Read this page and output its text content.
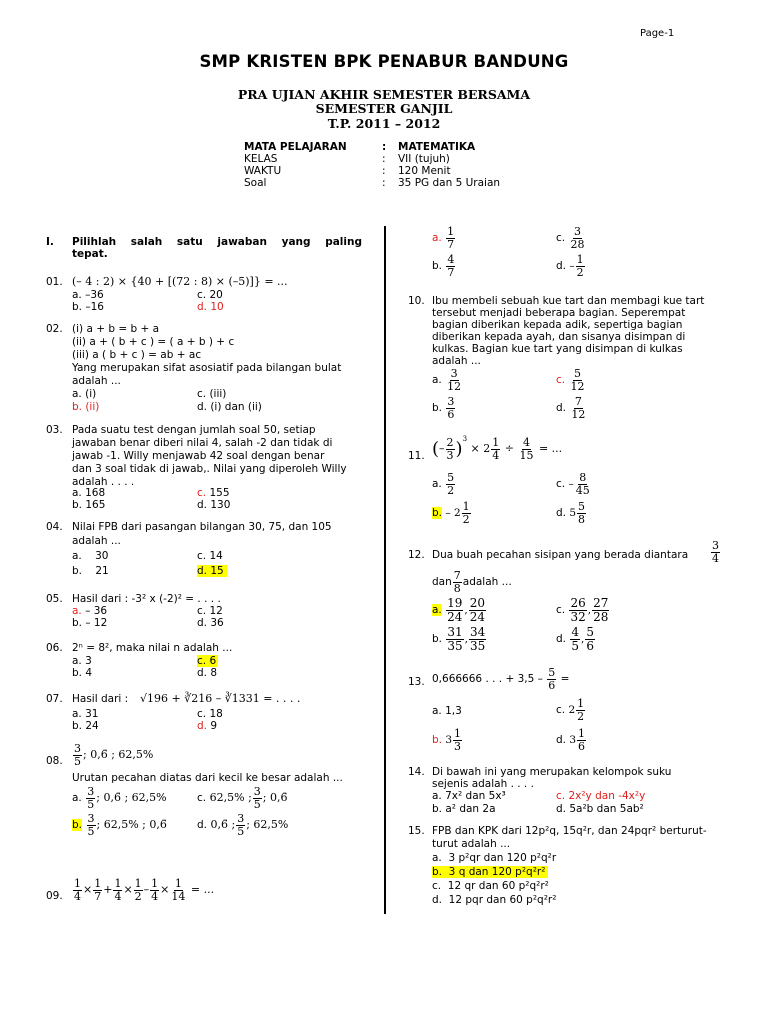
Page-1
SMP KRISTEN BPK PENABUR BANDUNG
PRA UJIAN AKHIR SEMESTER BERSAMA
SEMESTER GANJIL
T.P. 2011 – 2012
MATA PELAJARAN	: MATEMATIKA
KELAS	: VII (tujuh)
WAKTU	: 120 Menit
Soal	: 35 PG dan 5 Uraian
I. Pilihlah salah satu jawaban yang paling
tepat.
01. (– 4 : 2) × {40 + [(72 : 8) × (–5)]} = ...
a. –36	c. 20
b. –16	d. 10
02. (i) a + b = b + a
(ii) a + ( b + c ) = ( a + b ) + c
(iii) a ( b + c ) = ab + ac
Yang merupakan sifat asosiatif pada bilangan bulat
adalah ...
a. (i)	c. (iii)
b. (ii)	d. (i) dan (ii)
03. Pada suatu test dengan jumlah soal 50, setiap
jawaban benar diberi nilai 4, salah -2 dan tidak di
jawab -1. Willy menjawab 42 soal dengan benar
dan 3 soal tidak di jawab,. Nilai yang diperoleh Willy
adalah . . . .
a. 168	c. 155
b. 165	d. 130
04. Nilai FPB dari pasangan bilangan 30, 75, dan 105
adalah ...
a.    30	c. 14
b.    21	d. 15
05. Hasil dari : -3² x (-2)² = . . . .
a. – 36	c. 12
b. – 12	d. 36
06. 2ⁿ = 8², maka nilai n adalah ...
a. 3	c. 6
b. 4	d. 8
07. Hasil dari : √196 + ∛216 – ∛1331 = . . . .
a. 31	c. 18
b. 24	d. 9
08. $\frac{3}{5}$ ; 0,6̄ ; 62,5%
Urutan pecahan diatas dari kecil ke besar adalah ...
a. $\frac{3}{5}$ ; 0,6̄ ; 62,5%	c. 62,5% ; $\frac{3}{5}$ ; 0,6̄
b. $\frac{3}{5}$ ; 62,5% ; 0,6̄	d. 0,6̄ ; $\frac{3}{5}$ ; 62,5%
09. $\frac{1}{4} \times \frac{1}{7} + \frac{1}{4} \times \frac{1}{2} - \frac{1}{4} \times \frac{1}{14}$ = ...
a. $\frac{1}{7}$	c. $\frac{3}{28}$
b. $\frac{4}{7}$	d. – $\frac{1}{2}$
10. Ibu membeli sebuah kue tart dan membagi kue tart
tersebut menjadi beberapa bagian. Seperempat
bagian diberikan kepada adik, sepertiga bagian
diberikan kepada ayah, dan sisanya disimpan di
kulkas. Bagian kue tart yang disimpan di kulkas
adalah ...
a. $\frac{3}{12}$	c. $\frac{5}{12}$
b. $\frac{3}{6}$	d. $\frac{7}{12}$
11. (– $\frac{2}{3} )^3 \times 2 \frac{1}{4} \div \frac{4}{15}$ = ...
a. $\frac{5}{2}$	c. – $\frac{8}{45}$
b. – $2 \frac{1}{2}$	d. $5 \frac{5}{8}$
12. Dua buah pecahan sisipan yang berada diantara $\frac{3}{4}$
dan $\frac{7}{8}$ adalah ...
a. $\frac{19}{24}$ , $\frac{20}{24}$	c. $\frac{26}{32}$ , $\frac{27}{28}$
b. $\frac{31}{35}$ , $\frac{34}{35}$	d. $\frac{4}{5}$ , $\frac{5}{6}$
13. 0,666666 . . . + $3,5 - \frac{5}{6}$ =
a. 1,3	c. $2 \frac{1}{2}$
b. $3 \frac{1}{3}$	d. $3 \frac{1}{6}$
14. Di bawah ini yang merupakan kelompok suku
sejenis adalah . . . .
a. 7x² dan 5x³	c. 2x²y dan -4x²y
b. a² dan 2a	d. 5a²b dan 5ab²
15. FPB dan KPK dari 12p²q, 15q²r, dan 24pqr² berturut-
turut adalah ...
a.  3 p²qr dan 120 p²q²r
b.  3 q dan 120 p²q²r²
c.  12 qr dan 60 p²q²r²
d.  12 pqr dan 60 p²q²r²
